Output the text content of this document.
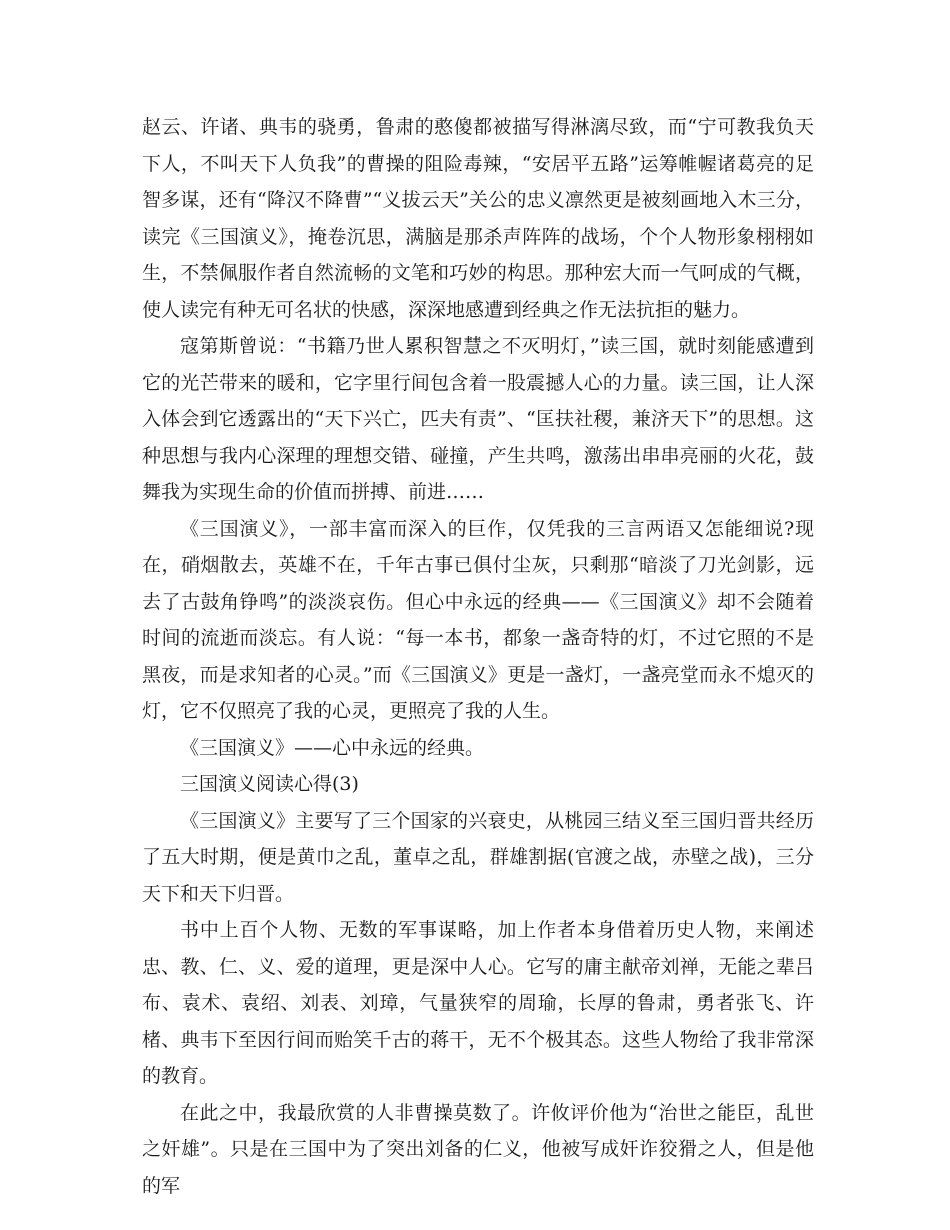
赵云、许诸、典韦的骁勇，鲁肃的憨傻都被描写得淋漓尽致，而“宁可教我负天下人，不叫天下人负我”的曹操的阻险毒辣，“安居平五路”运筹帷幄诸葛亮的足智多谋，还有“降汉不降曹”“义拔云天”关公的忠义凛然更是被刻画地入木三分，读完《三国演义》，掩卷沉思，满脑是那杀声阵阵的战场，个个人物形象栩栩如生，不禁佩服作者自然流畅的文笔和巧妙的构思。那种宏大而一气呵成的气概，使人读完有种无可名状的快感，深深地感遭到经典之作无法抗拒的魅力。

寇第斯曾说：“书籍乃世人累积智慧之不灭明灯，”读三国，就时刻能感遭到它的光芒带来的暖和，它字里行间包含着一股震撼人心的力量。读三国，让人深入体会到它透露出的“天下兴亡，匹夫有责”、“匡扶社稷，兼济天下”的思想。这种思想与我内心深理的理想交错、碰撞，产生共鸣，激荡出串串亮丽的火花，鼓舞我为实现生命的价值而拼搏、前进……

《三国演义》，一部丰富而深入的巨作，仅凭我的三言两语又怎能细说?现在，硝烟散去，英雄不在，千年古事已俱付尘灰，只剩那“暗淡了刀光剑影，远去了古鼓角铮鸣”的淡淡哀伤。但心中永远的经典——《三国演义》却不会随着时间的流逝而淡忘。有人说：“每一本书，都象一盏奇特的灯，不过它照的不是黑夜，而是求知者的心灵。”而《三国演义》更是一盏灯，一盏亮堂而永不熄灭的灯，它不仅照亮了我的心灵，更照亮了我的人生。

《三国演义》——心中永远的经典。

三国演义阅读心得(3)

《三国演义》主要写了三个国家的兴衰史，从桃园三结义至三国归晋共经历了五大时期，便是黄巾之乱，董卓之乱，群雄割据(官渡之战，赤壁之战)，三分天下和天下归晋。

书中上百个人物、无数的军事谋略，加上作者本身借着历史人物，来阐述忠、教、仁、义、爱的道理，更是深中人心。它写的庸主献帝刘禅，无能之辈吕布、袁术、袁绍、刘表、刘璋，气量狭窄的周瑜，长厚的鲁肃，勇者张飞、许楮、典韦下至因行间而贻笑千古的蒋干，无不个极其态。这些人物给了我非常深的教育。

在此之中，我最欣赏的人非曹操莫数了。许攸评价他为“治世之能臣，乱世之奸雄”。只是在三国中为了突出刘备的仁义，他被写成奸诈狡猾之人，但是他的军
